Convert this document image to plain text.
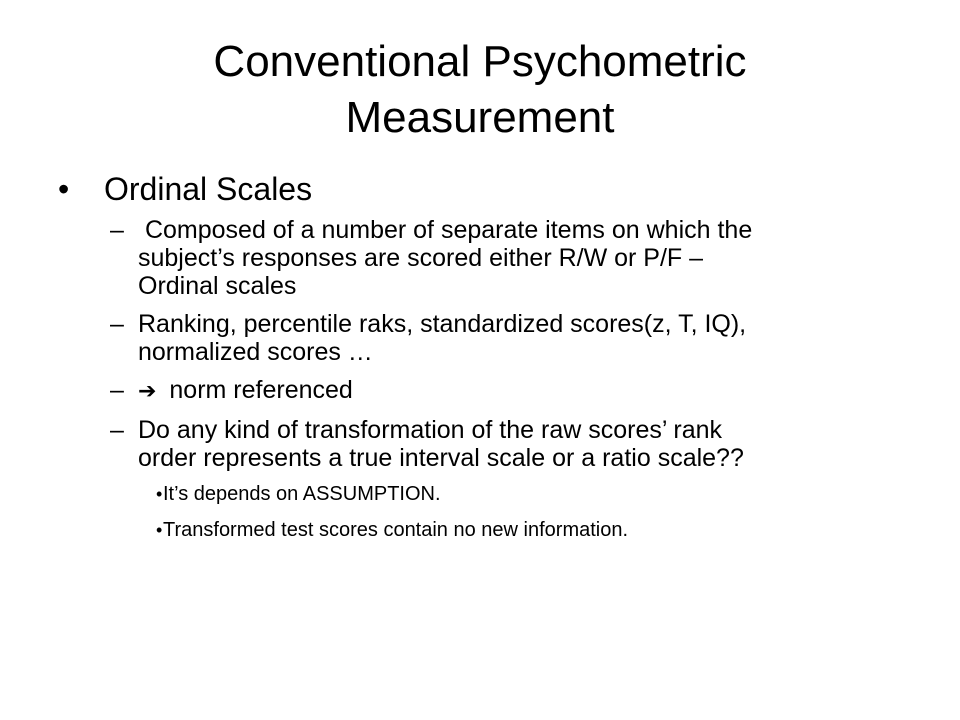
Conventional Psychometric Measurement
• Ordinal Scales
– Composed of a number of separate items on which the subject’s responses are scored either R/W or P/F – Ordinal scales
– Ranking, percentile raks, standardized scores(z, T, IQ), normalized scores …
– ➔ norm referenced
– Do any kind of transformation of the raw scores’ rank order represents a true interval scale or a ratio scale??
• It’s depends on ASSUMPTION.
• Transformed test scores contain no new information.
